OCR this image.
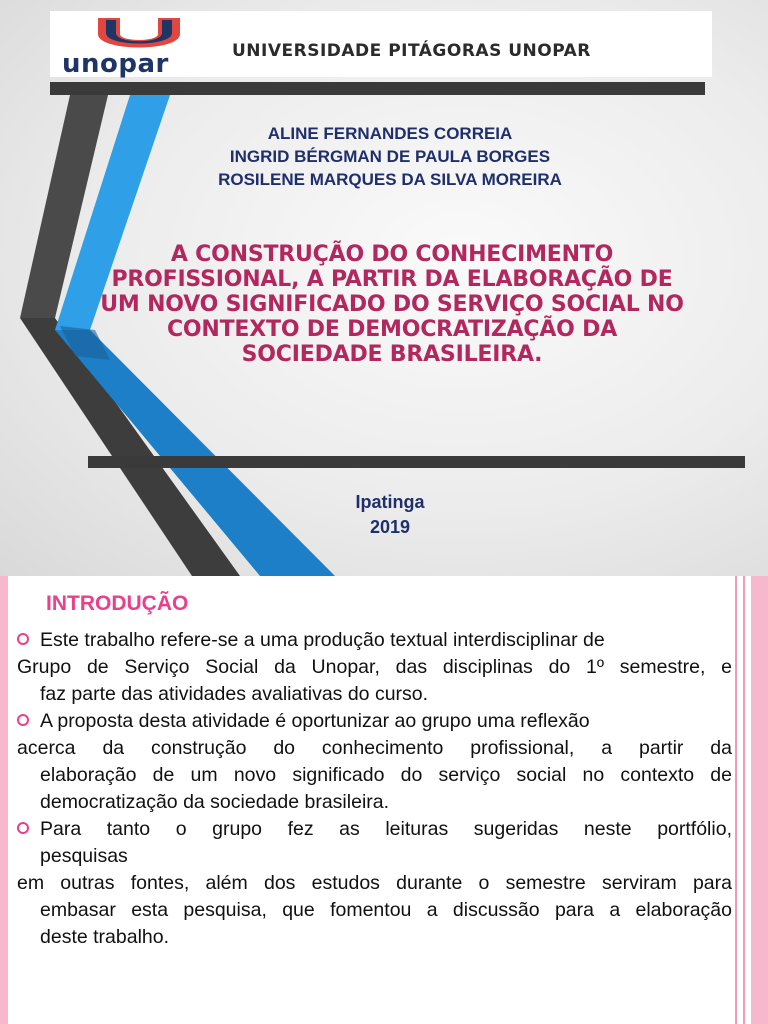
unopar	UNIVERSIDADE PITÁGORAS UNOPAR
ALINE FERNANDES CORREIA
INGRID BÉRGMAN DE PAULA BORGES
ROSILENE MARQUES DA SILVA MOREIRA
A CONSTRUÇÃO DO CONHECIMENTO
PROFISSIONAL, A PARTIR DA ELABORAÇÃO DE
UM NOVO SIGNIFICADO DO SERVIÇO SOCIAL NO
CONTEXTO DE DEMOCRATIZAÇÃO DA
SOCIEDADE BRASILEIRA.
Ipatinga
2019
INTRODUÇÃO
Este trabalho refere-se a uma produção textual interdisciplinar de
Grupo de Serviço Social da Unopar, das disciplinas do 1º semestre, e
faz parte das atividades avaliativas do curso.
A proposta desta atividade é oportunizar ao grupo uma reflexão
acerca da construção do conhecimento profissional, a partir da
elaboração de um novo significado do serviço social no contexto de
democratização da sociedade brasileira.
Para tanto o grupo fez as leituras sugeridas neste portfólio,
pesquisas
em outras fontes, além dos estudos durante o semestre serviram para
embasar esta pesquisa, que fomentou a discussão para a elaboração
deste trabalho.
